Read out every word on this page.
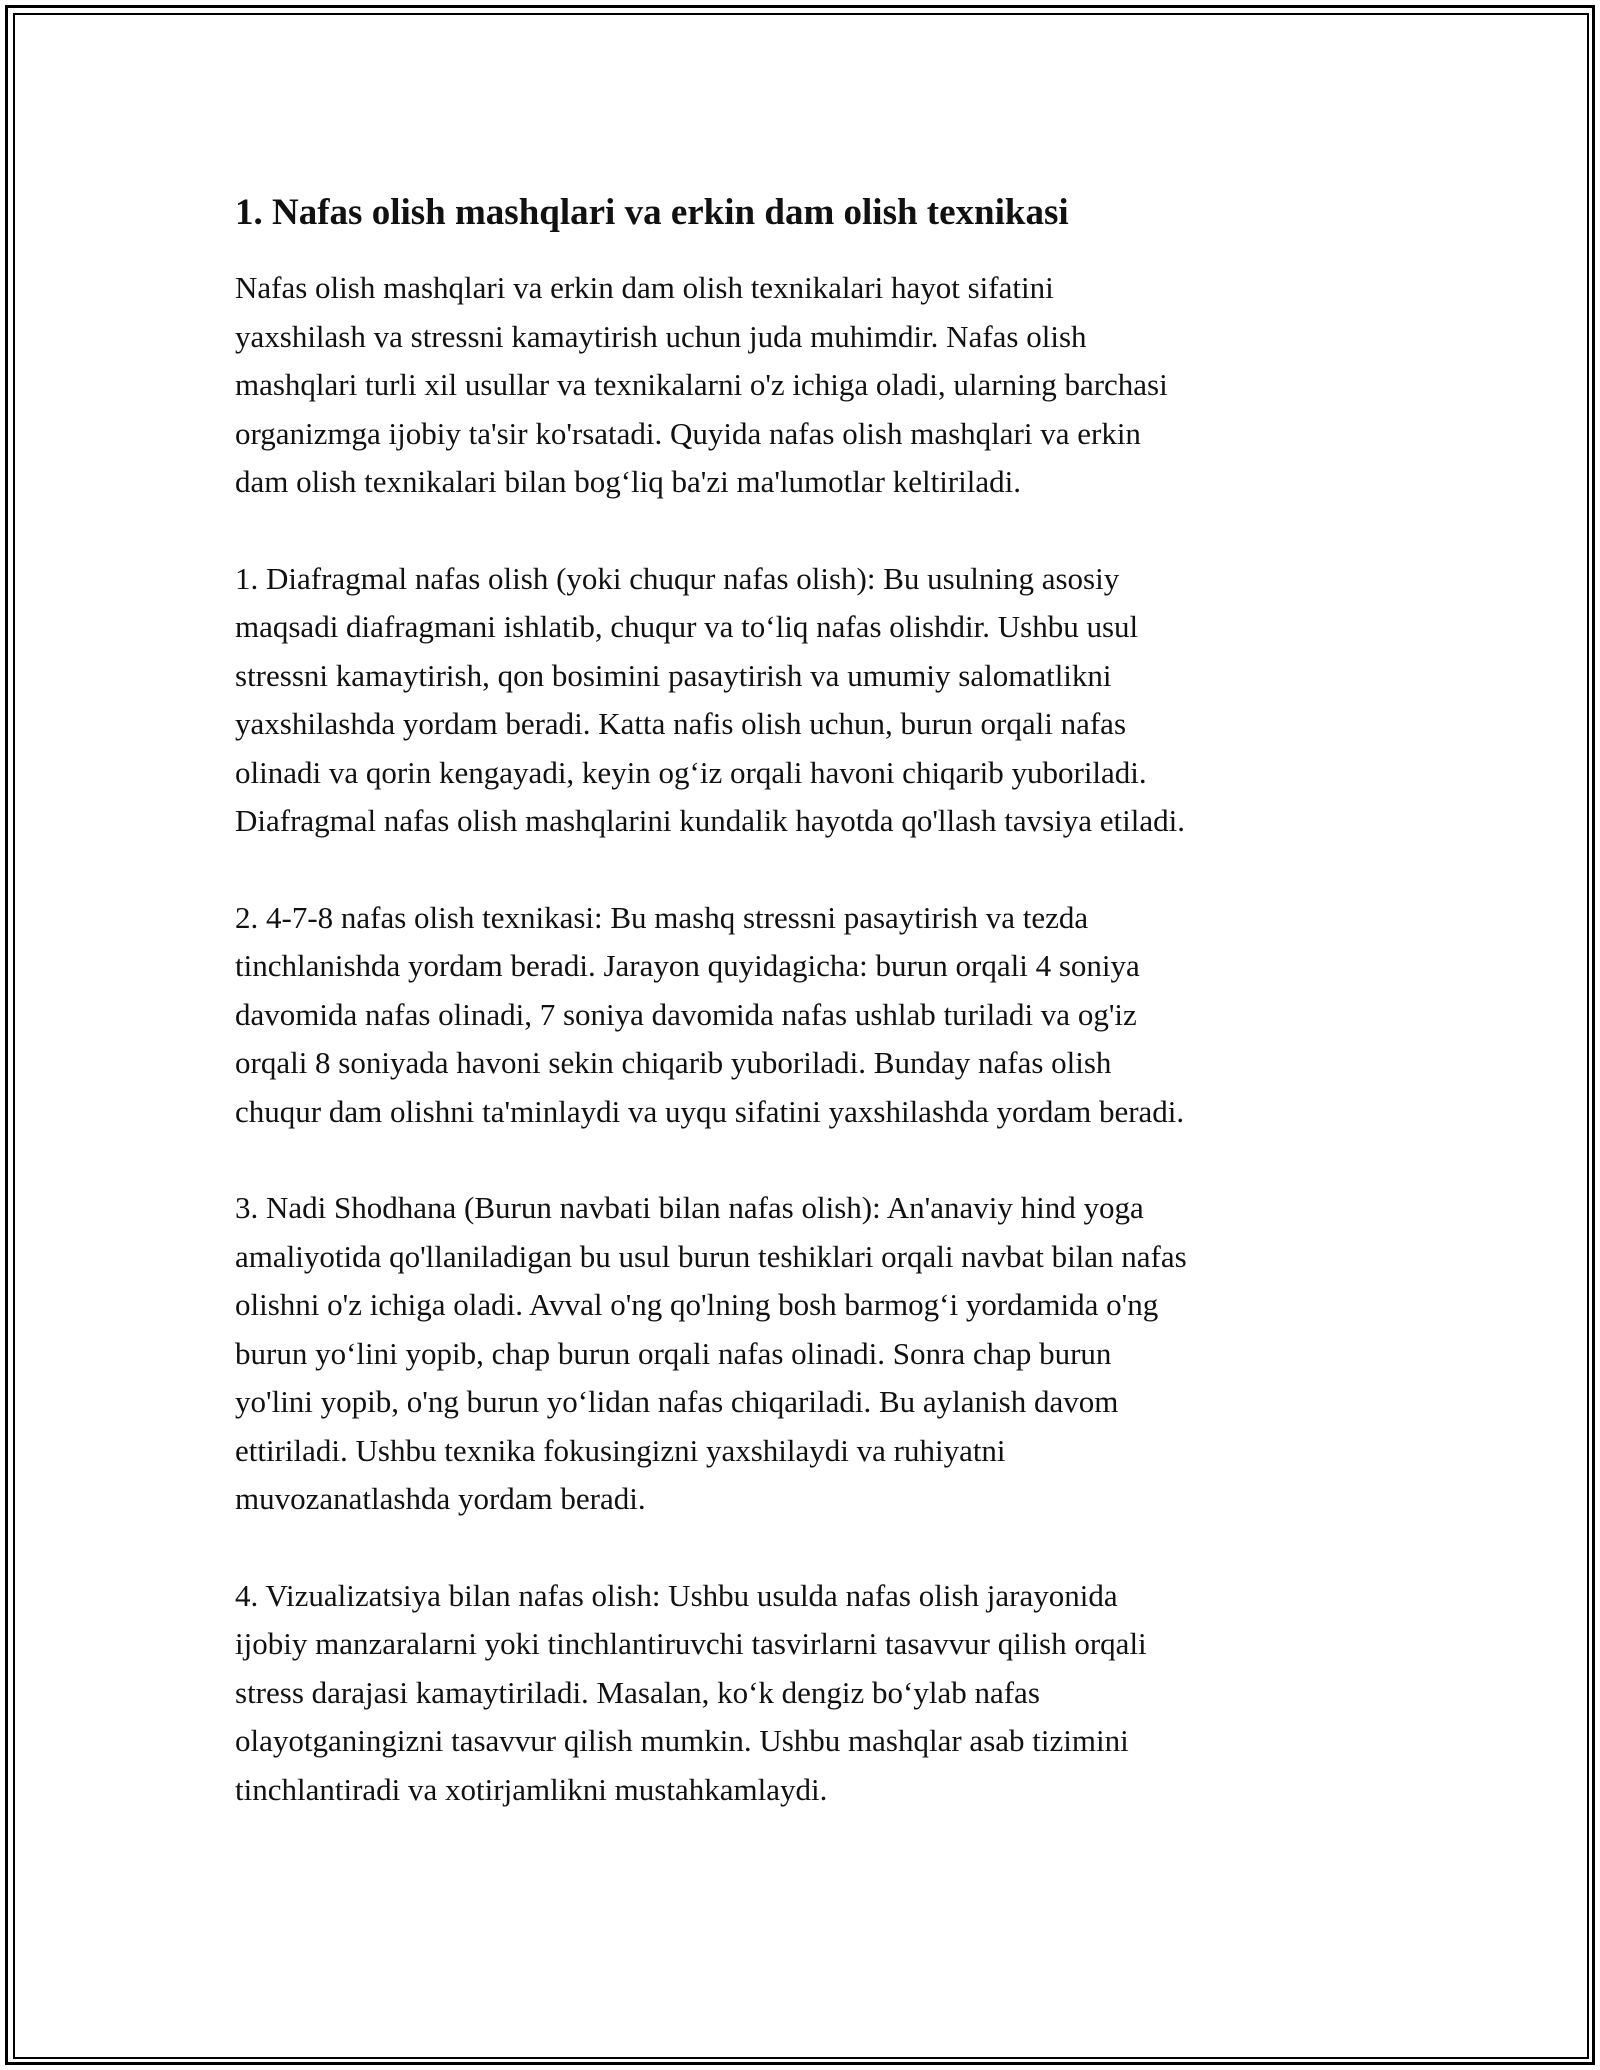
1. Nafas olish mashqlari va erkin dam olish texnikasi
Nafas olish mashqlari va erkin dam olish texnikalari hayot sifatini
yaxshilash va stressni kamaytirish uchun juda muhimdir. Nafas olish
mashqlari turli xil usullar va texnikalarni o'z ichiga oladi, ularning barchasi
organizmga ijobiy ta'sir ko'rsatadi. Quyida nafas olish mashqlari va erkin
dam olish texnikalari bilan bog‘liq ba'zi ma'lumotlar keltiriladi.
1. Diafragmal nafas olish (yoki chuqur nafas olish): Bu usulning asosiy
maqsadi diafragmani ishlatib, chuqur va to‘liq nafas olishdir. Ushbu usul
stressni kamaytirish, qon bosimini pasaytirish va umumiy salomatlikni
yaxshilashda yordam beradi. Katta nafis olish uchun, burun orqali nafas
olinadi va qorin kengayadi, keyin og‘iz orqali havoni chiqarib yuboriladi.
Diafragmal nafas olish mashqlarini kundalik hayotda qo'llash tavsiya etiladi.
2. 4-7-8 nafas olish texnikasi: Bu mashq stressni pasaytirish va tezda
tinchlanishda yordam beradi. Jarayon quyidagicha: burun orqali 4 soniya
davomida nafas olinadi, 7 soniya davomida nafas ushlab turiladi va og'iz
orqali 8 soniyada havoni sekin chiqarib yuboriladi. Bunday nafas olish
chuqur dam olishni ta'minlaydi va uyqu sifatini yaxshilashda yordam beradi.
3. Nadi Shodhana (Burun navbati bilan nafas olish): An'anaviy hind yoga
amaliyotida qo'llaniladigan bu usul burun teshiklari orqali navbat bilan nafas
olishni o'z ichiga oladi. Avval o'ng qo'lning bosh barmog‘i yordamida o'ng
burun yo‘lini yopib, chap burun orqali nafas olinadi. Sonra chap burun
yo'lini yopib, o'ng burun yo‘lidan nafas chiqariladi. Bu aylanish davom
ettiriladi. Ushbu texnika fokusingizni yaxshilaydi va ruhiyatni
muvozanatlashda yordam beradi.
4. Vizualizatsiya bilan nafas olish: Ushbu usulda nafas olish jarayonida
ijobiy manzaralarni yoki tinchlantiruvchi tasvirlarni tasavvur qilish orqali
stress darajasi kamaytiriladi. Masalan, ko‘k dengiz bo‘ylab nafas
olayotganingizni tasavvur qilish mumkin. Ushbu mashqlar asab tizimini
tinchlantiradi va xotirjamlikni mustahkamlaydi.
